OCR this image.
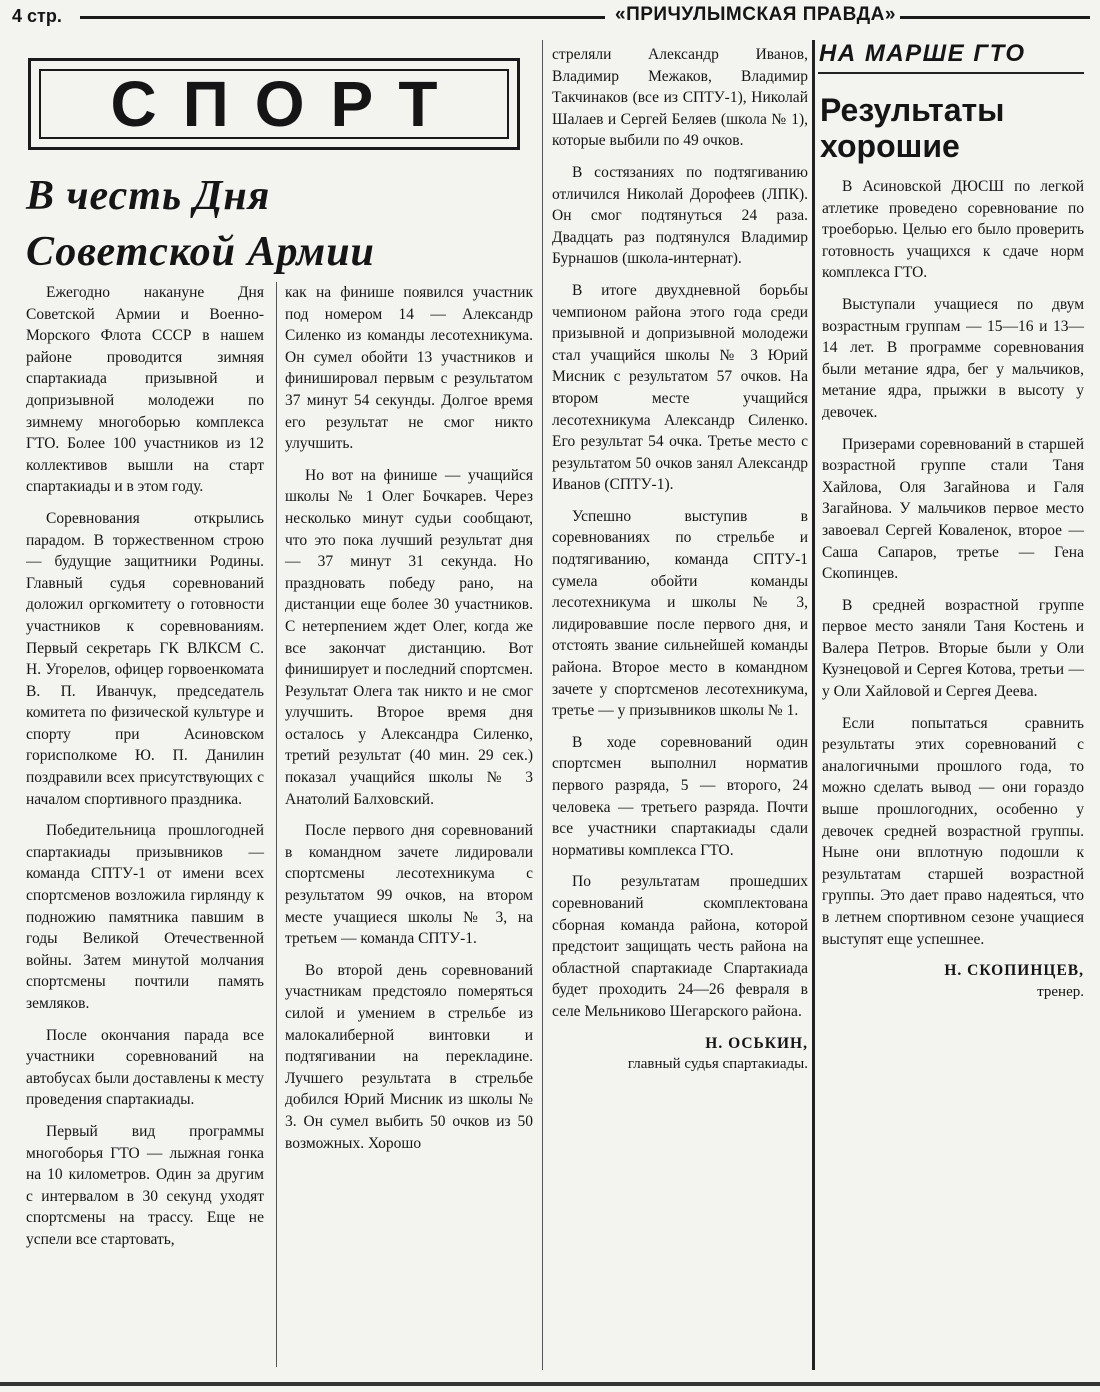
4 стр.	«ПРИЧУЛЫМСКАЯ ПРАВДА»
СПОРТ
В честь Дня
Советской Армии

Ежегодно накануне Дня Советской Армии и Военно-Морского Флота СССР в нашем районе проводится зимняя спартакиада призывной и допризывной молодежи по зимнему многоборью комплекса ГТО. Более 100 участников из 12 коллективов вышли на старт спартакиады и в этом году.

Соревнования открылись парадом. В торжественном строю — будущие защитники Родины. Главный судья соревнований доложил оргкомитету о готовности участников к соревнованиям. Первый секретарь ГК ВЛКСМ С. Н. Угорелов, офицер горвоенкомата В. П. Иванчук, председатель комитета по физической культуре и спорту при Асиновском горисполкоме Ю. П. Данилин поздравили всех присутствующих с началом спортивного праздника.

Победительница прошлогодней спартакиады призывников — команда СПТУ-1 от имени всех спортсменов возложила гирлянду к подножию памятника павшим в годы Великой Отечественной войны. Затем минутой молчания спортсмены почтили память земляков.

После окончания парада все участники соревнований на автобусах были доставлены к месту проведения спартакиады.

Первый вид программы многоборья ГТО — лыжная гонка на 10 километров. Один за другим с интервалом в 30 секунд уходят спортсмены на трассу. Еще не успели все стартовать,

как на финише появился участник под номером 14 — Александр Силенко из команды лесотехникума. Он сумел обойти 13 участников и финишировал первым с результатом 37 минут 54 секунды. Долгое время его результат не смог никто улучшить.

Но вот на финише — учащийся школы № 1 Олег Бочкарев. Через несколько минут судьи сообщают, что это пока лучший результат дня — 37 минут 31 секунда. Но праздновать победу рано, на дистанции еще более 30 участников. С нетерпением ждет Олег, когда же все закончат дистанцию. Вот финиширует и последний спортсмен. Результат Олега так никто и не смог улучшить. Второе время дня осталось у Александра Силенко, третий результат (40 мин. 29 сек.) показал учащийся школы № 3 Анатолий Балховский.

После первого дня соревнований в командном зачете лидировали спортсмены лесотехникума с результатом 99 очков, на втором месте учащиеся школы № 3, на третьем — команда СПТУ-1.

Во второй день соревнований участникам предстояло померяться силой и умением в стрельбе из малокалиберной винтовки и подтягивании на перекладине. Лучшего результата в стрельбе добился Юрий Мисник из школы № 3. Он сумел выбить 50 очков из 50 возможных. Хорошо

стреляли Александр Иванов, Владимир Межаков, Владимир Такчинаков (все из СПТУ-1), Николай Шалаев и Сергей Беляев (школа № 1), которые выбили по 49 очков.

В состязаниях по подтягиванию отличился Николай Дорофеев (ЛПК). Он смог подтянуться 24 раза. Двадцать раз подтянулся Владимир Бурнашов (школа-интернат).

В итоге двухдневной борьбы чемпионом района этого года среди призывной и допризывной молодежи стал учащийся школы № 3 Юрий Мисник с результатом 57 очков. На втором месте учащийся лесотехникума Александр Силенко. Его результат 54 очка. Третье место с результатом 50 очков занял Александр Иванов (СПТУ-1).

Успешно выступив в соревнованиях по стрельбе и подтягиванию, команда СПТУ-1 сумела обойти команды лесотехникума и школы № 3, лидировавшие после первого дня, и отстоять звание сильнейшей команды района. Второе место в командном зачете у спортсменов лесотехникума, третье — у призывников школы № 1.

В ходе соревнований один спортсмен выполнил норматив первого разряда, 5 — второго, 24 человека — третьего разряда. Почти все участники спартакиады сдали нормативы комплекса ГТО.

По результатам прошедших соревнований скомплектована сборная команда района, которой предстоит защищать честь района на областной спартакиаде Спартакиада будет проходить 24—26 февраля в селе Мельниково Шегарского района.

Н. ОСЬКИН,
главный судья спартакиады.
НА МАРШЕ ГТО
Результаты
хорошие

В Асиновской ДЮСШ по легкой атлетике проведено соревнование по троеборью. Целью его было проверить готовность учащихся к сдаче норм комплекса ГТО.

Выступали учащиеся по двум возрастным группам — 15—16 и 13—14 лет. В программе соревнования были метание ядра, бег у мальчиков, метание ядра, прыжки в высоту у девочек.

Призерами соревнований в старшей возрастной группе стали Таня Хайлова, Оля Загайнова и Галя Загайнова. У мальчиков первое место завоевал Сергей Коваленок, второе — Саша Сапаров, третье — Гена Скопинцев.

В средней возрастной группе первое место заняли Таня Костень и Валера Петров. Вторые были у Оли Кузнецовой и Сергея Котова, третьи — у Оли Хайловой и Сергея Деева.

Если попытаться сравнить результаты этих соревнований с аналогичными прошлого года, то можно сделать вывод — они гораздо выше прошлогодних, особенно у девочек средней возрастной группы. Ныне они вплотную подошли к результатам старшей возрастной группы. Это дает право надеяться, что в летнем спортивном сезоне учащиеся выступят еще успешнее.

Н. СКОПИНЦЕВ,
тренер.
